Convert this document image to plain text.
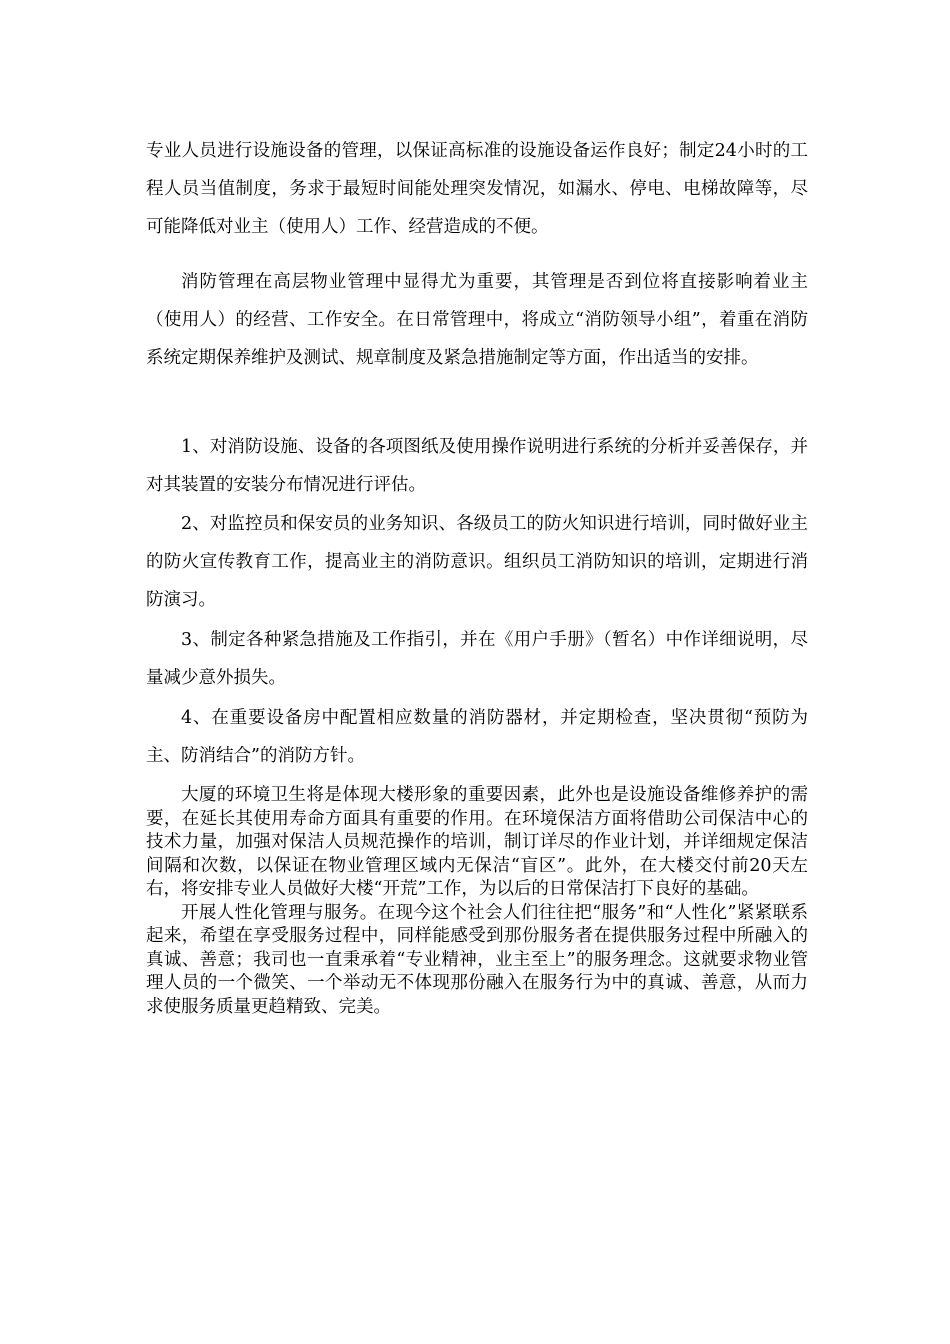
专业人员进行设施设备的管理，以保证高标准的设施设备运作良好；制定24小时的工程人员当值制度，务求于最短时间能处理突发情况，如漏水、停电、电梯故障等，尽可能降低对业主（使用人）工作、经营造成的不便。

消防管理在高层物业管理中显得尤为重要，其管理是否到位将直接影响着业主（使用人）的经营、工作安全。在日常管理中，将成立“消防领导小组”，着重在消防系统定期保养维护及测试、规章制度及紧急措施制定等方面，作出适当的安排。

1、对消防设施、设备的各项图纸及使用操作说明进行系统的分析并妥善保存，并对其装置的安装分布情况进行评估。

2、对监控员和保安员的业务知识、各级员工的防火知识进行培训，同时做好业主的防火宣传教育工作，提高业主的消防意识。组织员工消防知识的培训，定期进行消防演习。

3、制定各种紧急措施及工作指引，并在《用户手册》（暂名）中作详细说明，尽量减少意外损失。

4、在重要设备房中配置相应数量的消防器材，并定期检查，坚决贯彻“预防为主、防消结合”的消防方针。

大厦的环境卫生将是体现大楼形象的重要因素，此外也是设施设备维修养护的需要，在延长其使用寿命方面具有重要的作用。在环境保洁方面将借助公司保洁中心的技术力量，加强对保洁人员规范操作的培训，制订详尽的作业计划，并详细规定保洁间隔和次数，以保证在物业管理区域内无保洁“盲区”。此外，在大楼交付前20天左右，将安排专业人员做好大楼“开荒”工作，为以后的日常保洁打下良好的基础。

开展人性化管理与服务。在现今这个社会人们往往把“服务”和“人性化”紧紧联系起来，希望在享受服务过程中，同样能感受到那份服务者在提供服务过程中所融入的真诚、善意；我司也一直秉承着“专业精神，业主至上”的服务理念。这就要求物业管理人员的一个微笑、一个举动无不体现那份融入在服务行为中的真诚、善意，从而力求使服务质量更趋精致、完美。
